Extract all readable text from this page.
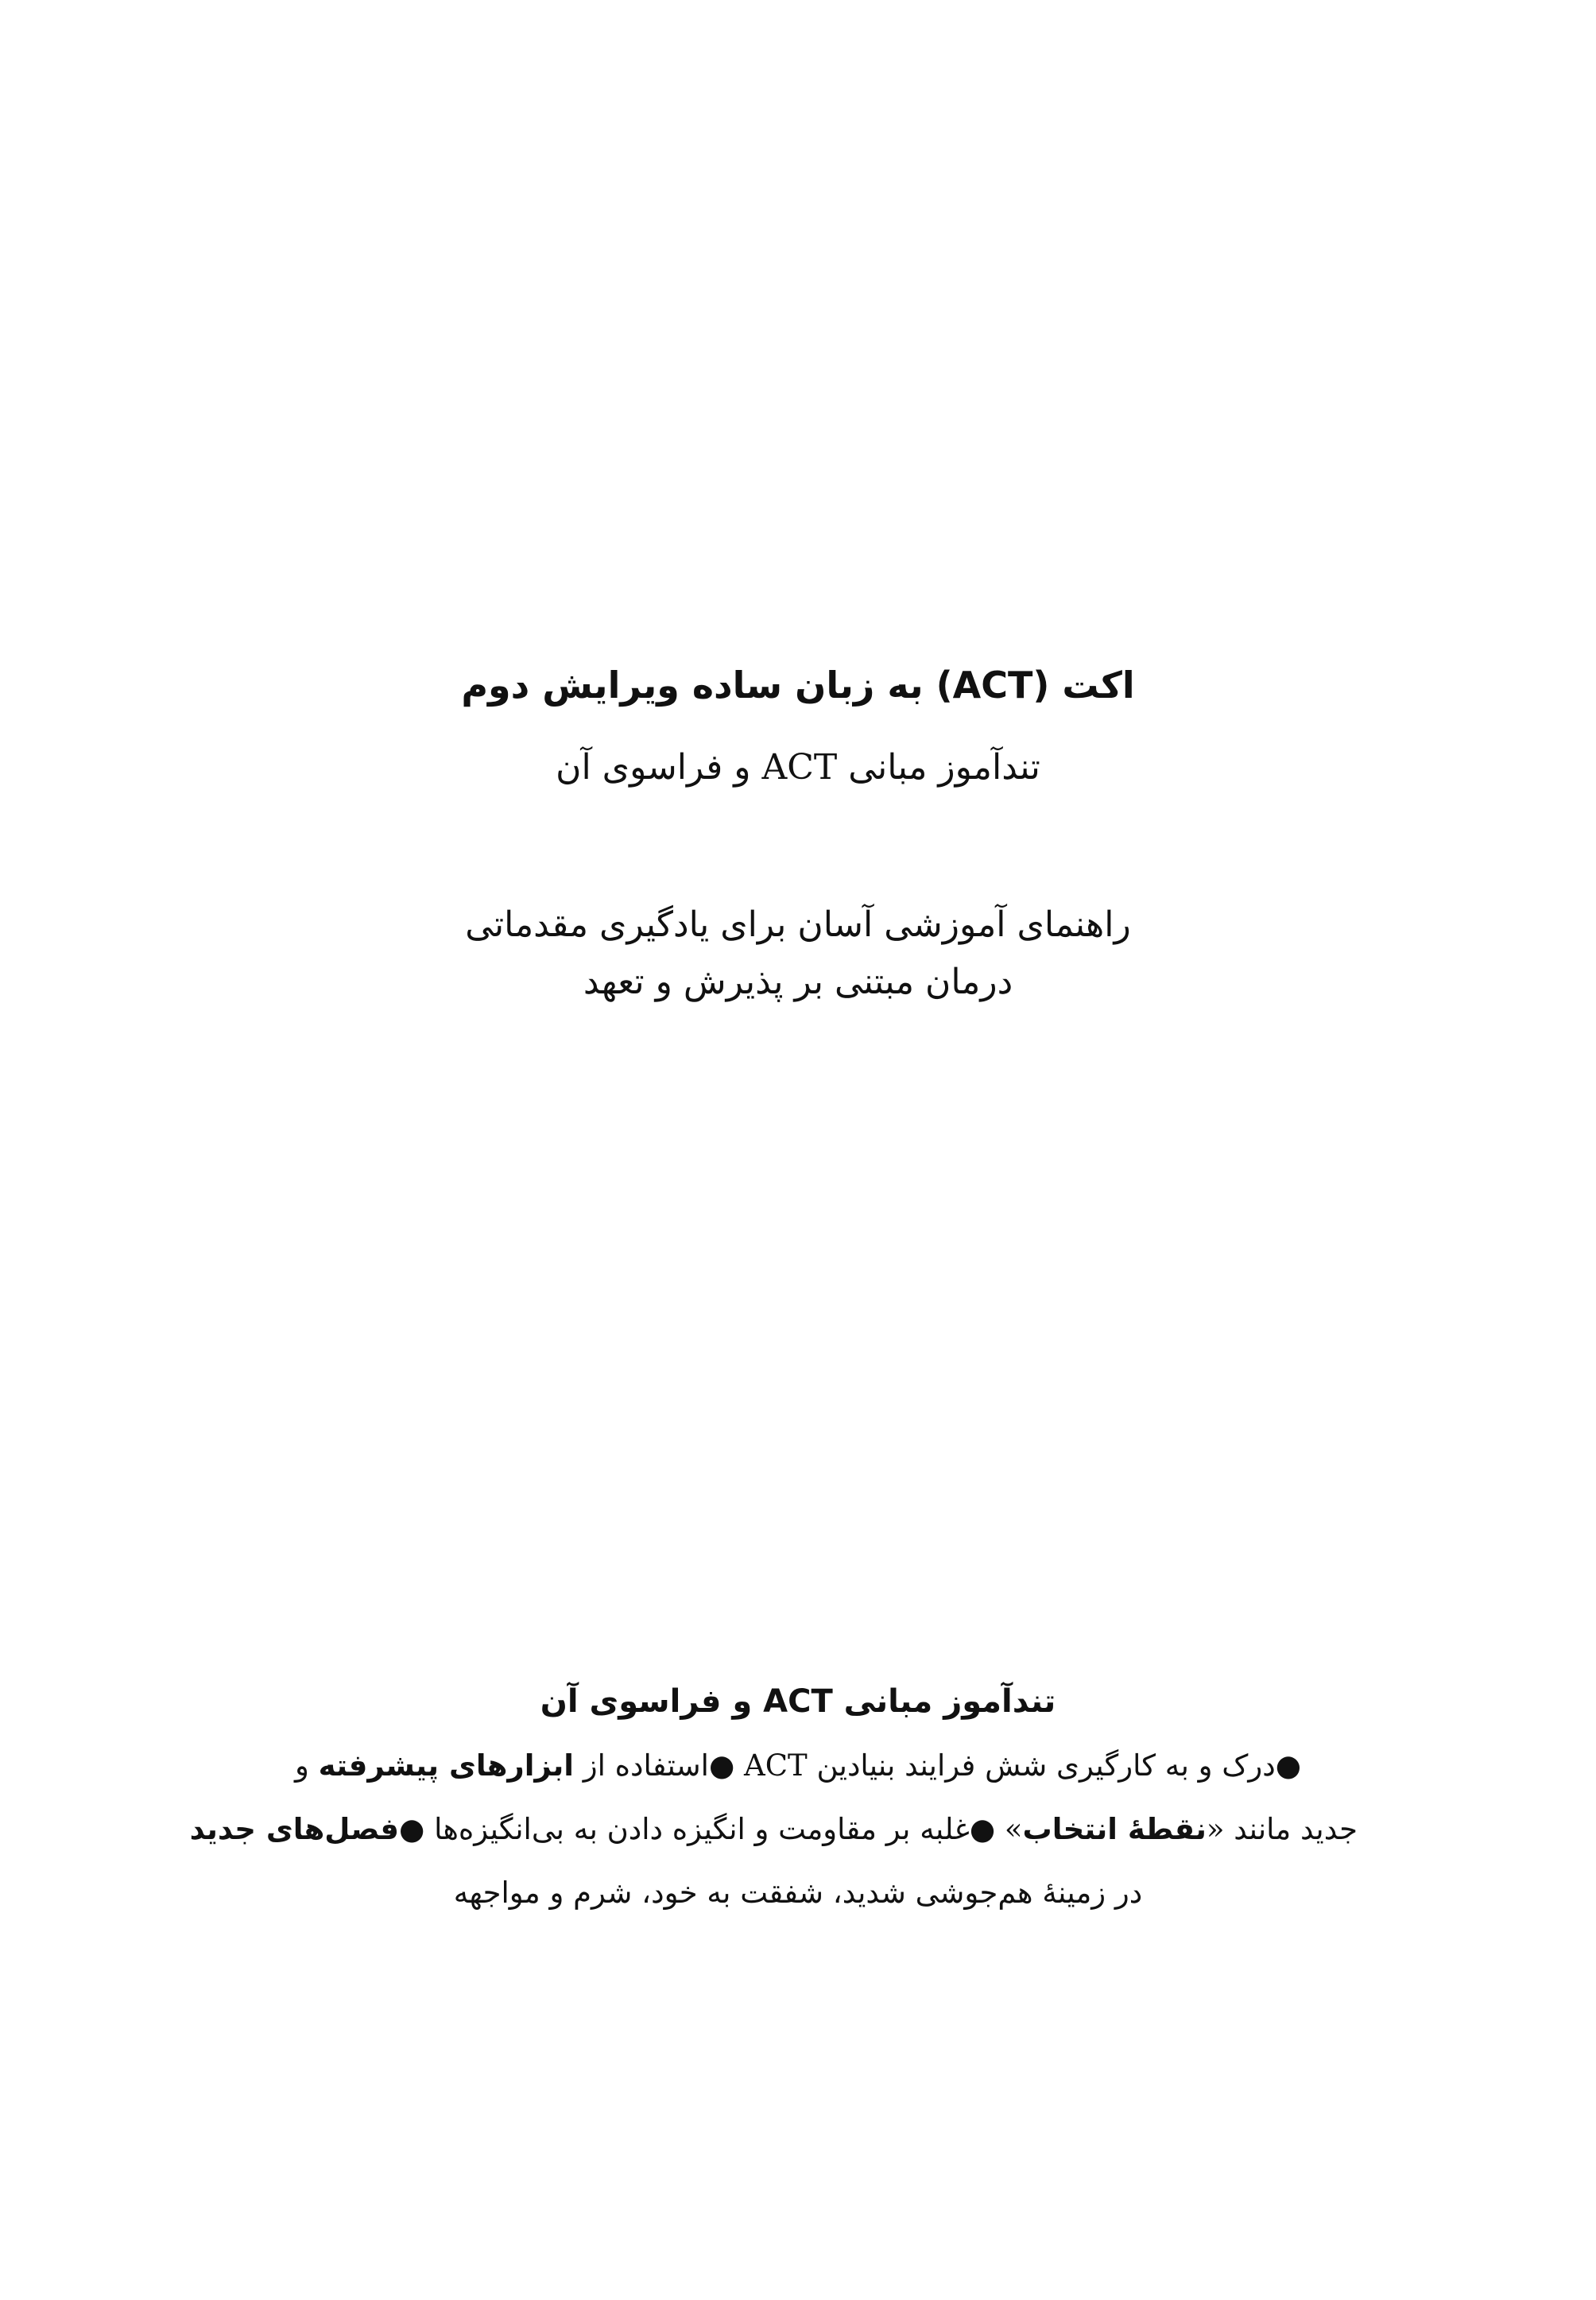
اکت (ACT) به زبان ساده ویرایش دوم
تندآموز مبانی ACT و فراسوی آن
راهنمای آموزشی آسان برای یادگیری مقدماتی
درمان مبتنی بر پذیرش و تعهد
تندآموز مبانی ACT و فراسوی آن
●درک و به کارگیری شش فرایند بنیادین ACT ●استفاده از ابزارهای پیشرفته و
جدید مانند «نقطهٔ انتخاب» ●غلبه بر مقاومت و انگیزه دادن به بی‌انگیزه‌ها ●فصل‌های جدید
در زمینهٔ هم‌جوشی شدید، شفقت به خود، شرم و مواجهه
